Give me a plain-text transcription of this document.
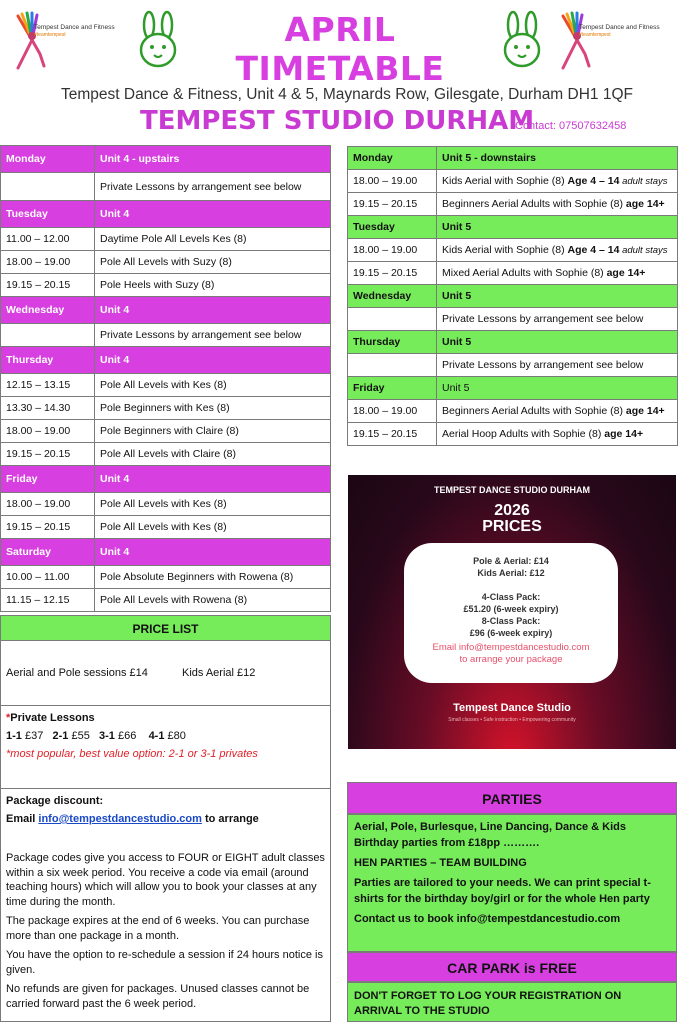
Tempest Dance and Fitness
#teamtempest	APRIL TIMETABLE
Tempest Dance and Fitness
#teamtempest
Tempest Dance & Fitness, Unit 4 & 5, Maynards Row, Gilesgate, Durham DH1 1QF
TEMPEST STUDIO DURHAM
Contact: 07507632458
Monday	Unit 4 - upstairs
	Private Lessons by arrangement see below
Tuesday	Unit 4
11.00 – 12.00	Daytime Pole All Levels Kes (8)
18.00 – 19.00	Pole All Levels with Suzy (8)
19.15 – 20.15	Pole Heels with Suzy (8)
Wednesday	Unit 4
	Private Lessons by arrangement see below
Thursday	Unit 4
12.15 – 13.15	Pole All Levels with Kes (8)
13.30 – 14.30	Pole Beginners with Kes (8)
18.00 – 19.00	Pole Beginners with Claire (8)
19.15 – 20.15	Pole All Levels with Claire (8)
Friday	Unit 4
18.00 – 19.00	Pole All Levels with Kes (8)
19.15 – 20.15	Pole All Levels with Kes (8)
Saturday	Unit 4
10.00 – 11.00	Pole Absolute Beginners with Rowena (8)
11.15 – 12.15	Pole All Levels with Rowena (8)
Monday	Unit 5 - downstairs
18.00 – 19.00	Kids Aerial with Sophie (8) Age 4 – 14 adult stays
19.15 – 20.15	Beginners Aerial Adults with Sophie (8) age 14+
Tuesday	Unit 5
18.00 – 19.00	Kids Aerial with Sophie (8) Age 4 – 14 adult stays
19.15 – 20.15	Mixed Aerial Adults with Sophie (8) age 14+
Wednesday	Unit 5
	Private Lessons by arrangement see below
Thursday	Unit 5
	Private Lessons by arrangement see below
Friday	Unit 5
18.00 – 19.00	Beginners Aerial Adults with Sophie (8) age 14+
19.15 – 20.15	Aerial Hoop Adults with Sophie (8) age 14+
PRICE LIST
Aerial and Pole sessions £14	Kids Aerial £12
*Private Lessons
1-1 £37 2-1 £55 3-1 £66 4-1 £80
*most popular, best value option: 2-1 or 3-1 privates
Package discount:
Email info@tempestdancestudio.com to arrange
Package codes give you access to FOUR or EIGHT adult classes within a six week period. You receive a code via email (around teaching hours) which will allow you to book your classes at any time during the month.
The package expires at the end of 6 weeks. You can purchase more than one package in a month.
You have the option to re-schedule a session if 24 hours notice is given.
No refunds are given for packages. Unused classes cannot be carried forward past the 6 week period.
TEMPEST DANCE STUDIO DURHAM
2026
PRICES
Pole & Aerial: £14
Kids Aerial: £12
4-Class Pack:
£51.20 (6-week expiry)
8-Class Pack:
£96 (6-week expiry)
Email info@tempestdancestudio.com
to arrange your package
Tempest Dance Studio
Small classes • Safe instruction • Empowering community
PARTIES
Aerial, Pole, Burlesque, Line Dancing, Dance & Kids Birthday parties from £18pp ……….
HEN PARTIES – TEAM BUILDING
Parties are tailored to your needs. We can print special t-shirts for the birthday boy/girl or for the whole Hen party
Contact us to book info@tempestdancestudio.com
CAR PARK is FREE
DON'T FORGET TO LOG YOUR REGISTRATION ON ARRIVAL TO THE STUDIO
